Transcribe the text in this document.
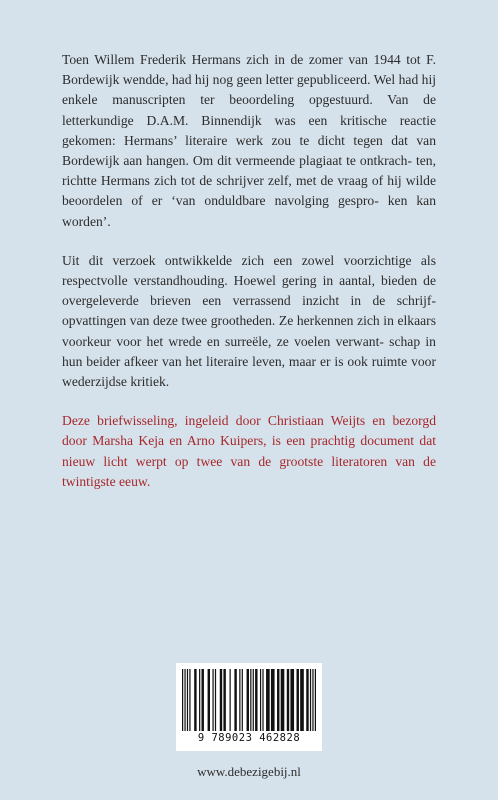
Toen Willem Frederik Hermans zich in de zomer van 1944 tot F. Bordewijk wendde, had hij nog geen letter gepubliceerd. Wel had hij enkele manuscripten ter beoordeling opgestuurd. Van de letterkundige D.A.M. Binnendijk was een kritische reactie gekomen: Hermans’ literaire werk zou te dicht tegen dat van Bordewijk aan hangen. Om dit vermeende plagiaat te ontkrach- ten, richtte Hermans zich tot de schrijver zelf, met de vraag of hij wilde beoordelen of er ‘van onduldbare navolging gespro- ken kan worden’.

Uit dit verzoek ontwikkelde zich een zowel voorzichtige als respectvolle verstandhouding. Hoewel gering in aantal, bieden de overgeleverde brieven een verrassend inzicht in de schrijf- opvattingen van deze twee grootheden. Ze herkennen zich in elkaars voorkeur voor het wrede en surreële, ze voelen verwant- schap in hun beider afkeer van het literaire leven, maar er is ook ruimte voor wederzijdse kritiek.

Deze briefwisseling, ingeleid door Christiaan Weijts en bezorgd door Marsha Keja en Arno Kuipers, is een prachtig document dat nieuw licht werpt op twee van de grootste literatoren van de twintigste eeuw.

9 789023 462828
www.debezigebij.nl
